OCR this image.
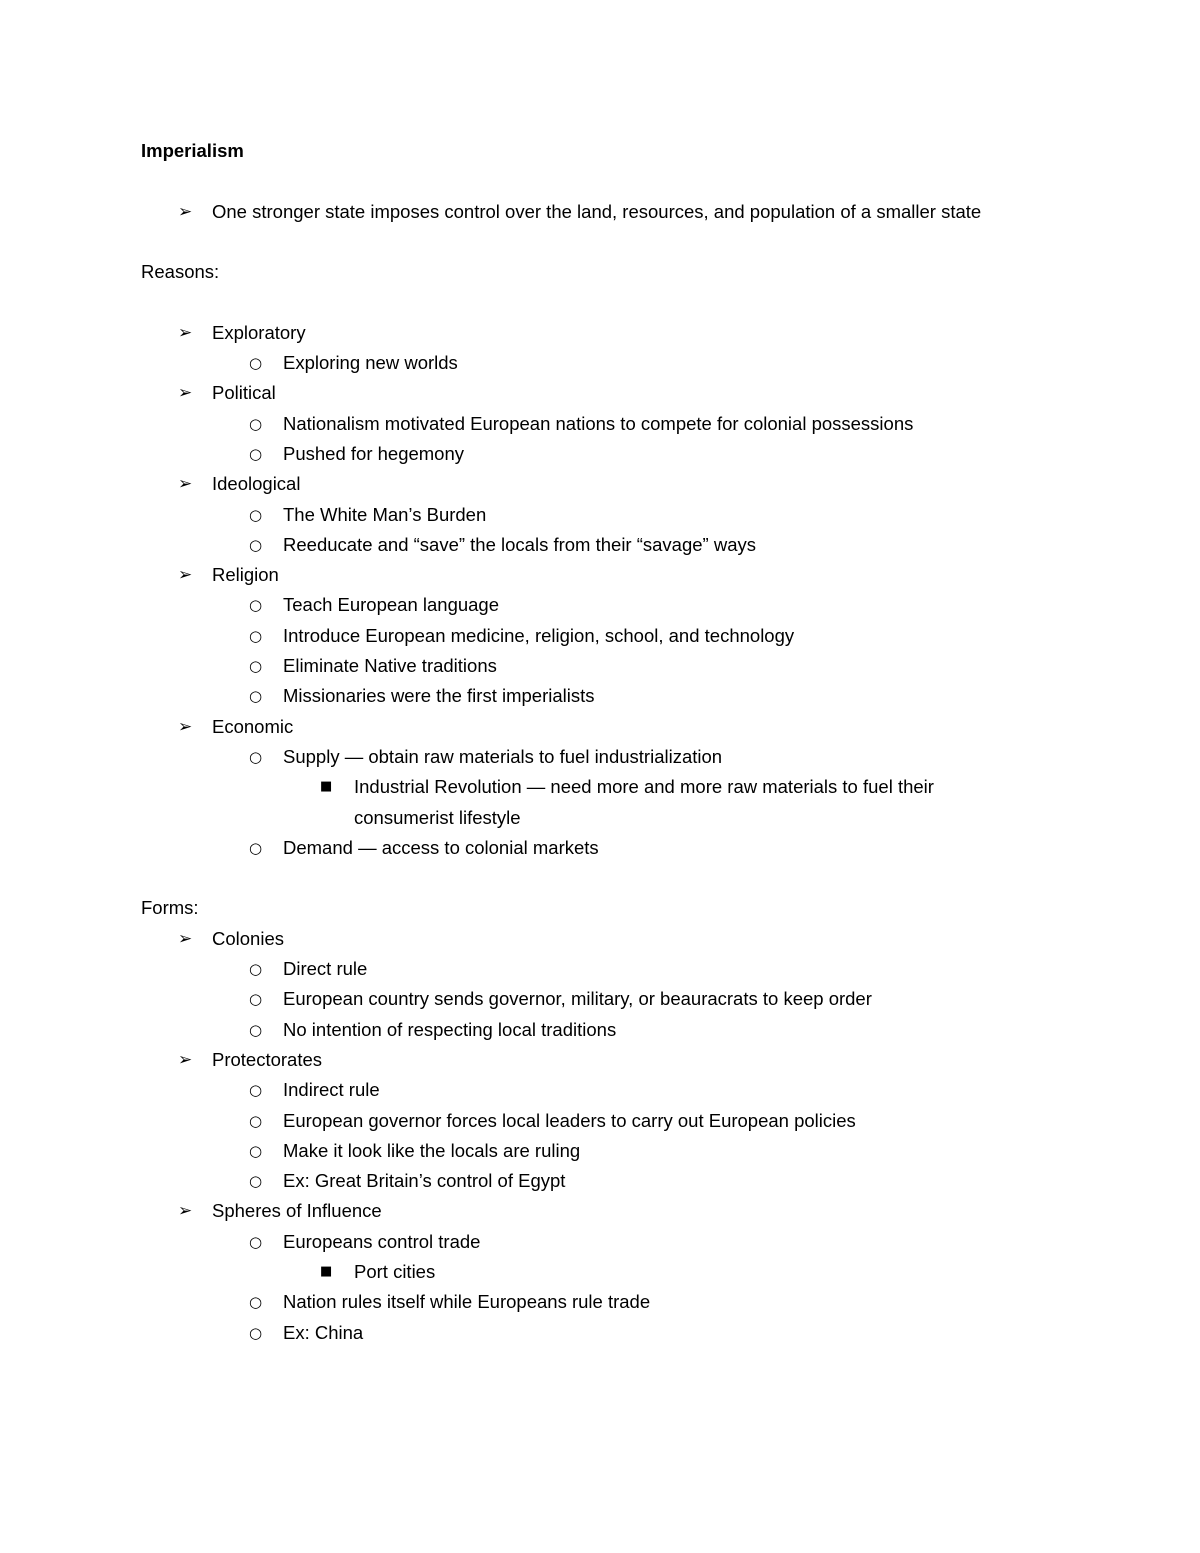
Imperialism

➢	One stronger state imposes control over the land, resources, and population of a smaller state

Reasons:

➢	Exploratory
○	Exploring new worlds
➢	Political
○	Nationalism motivated European nations to compete for colonial possessions
○	Pushed for hegemony
➢	Ideological
○	The White Man’s Burden
○	Reeducate and “save” the locals from their “savage” ways
➢	Religion
○	Teach European language
○	Introduce European medicine, religion, school, and technology
○	Eliminate Native traditions
○	Missionaries were the first imperialists
➢	Economic
○	Supply — obtain raw materials to fuel industrialization
■	Industrial Revolution — need more and more raw materials to fuel their consumerist lifestyle
○	Demand — access to colonial markets

Forms:

➢	Colonies
○	Direct rule
○	European country sends governor, military, or beauracrats to keep order
○	No intention of respecting local traditions
➢	Protectorates
○	Indirect rule
○	European governor forces local leaders to carry out European policies
○	Make it look like the locals are ruling
○	Ex: Great Britain’s control of Egypt
➢	Spheres of Influence
○	Europeans control trade
■	Port cities
○	Nation rules itself while Europeans rule trade
○	Ex: China
